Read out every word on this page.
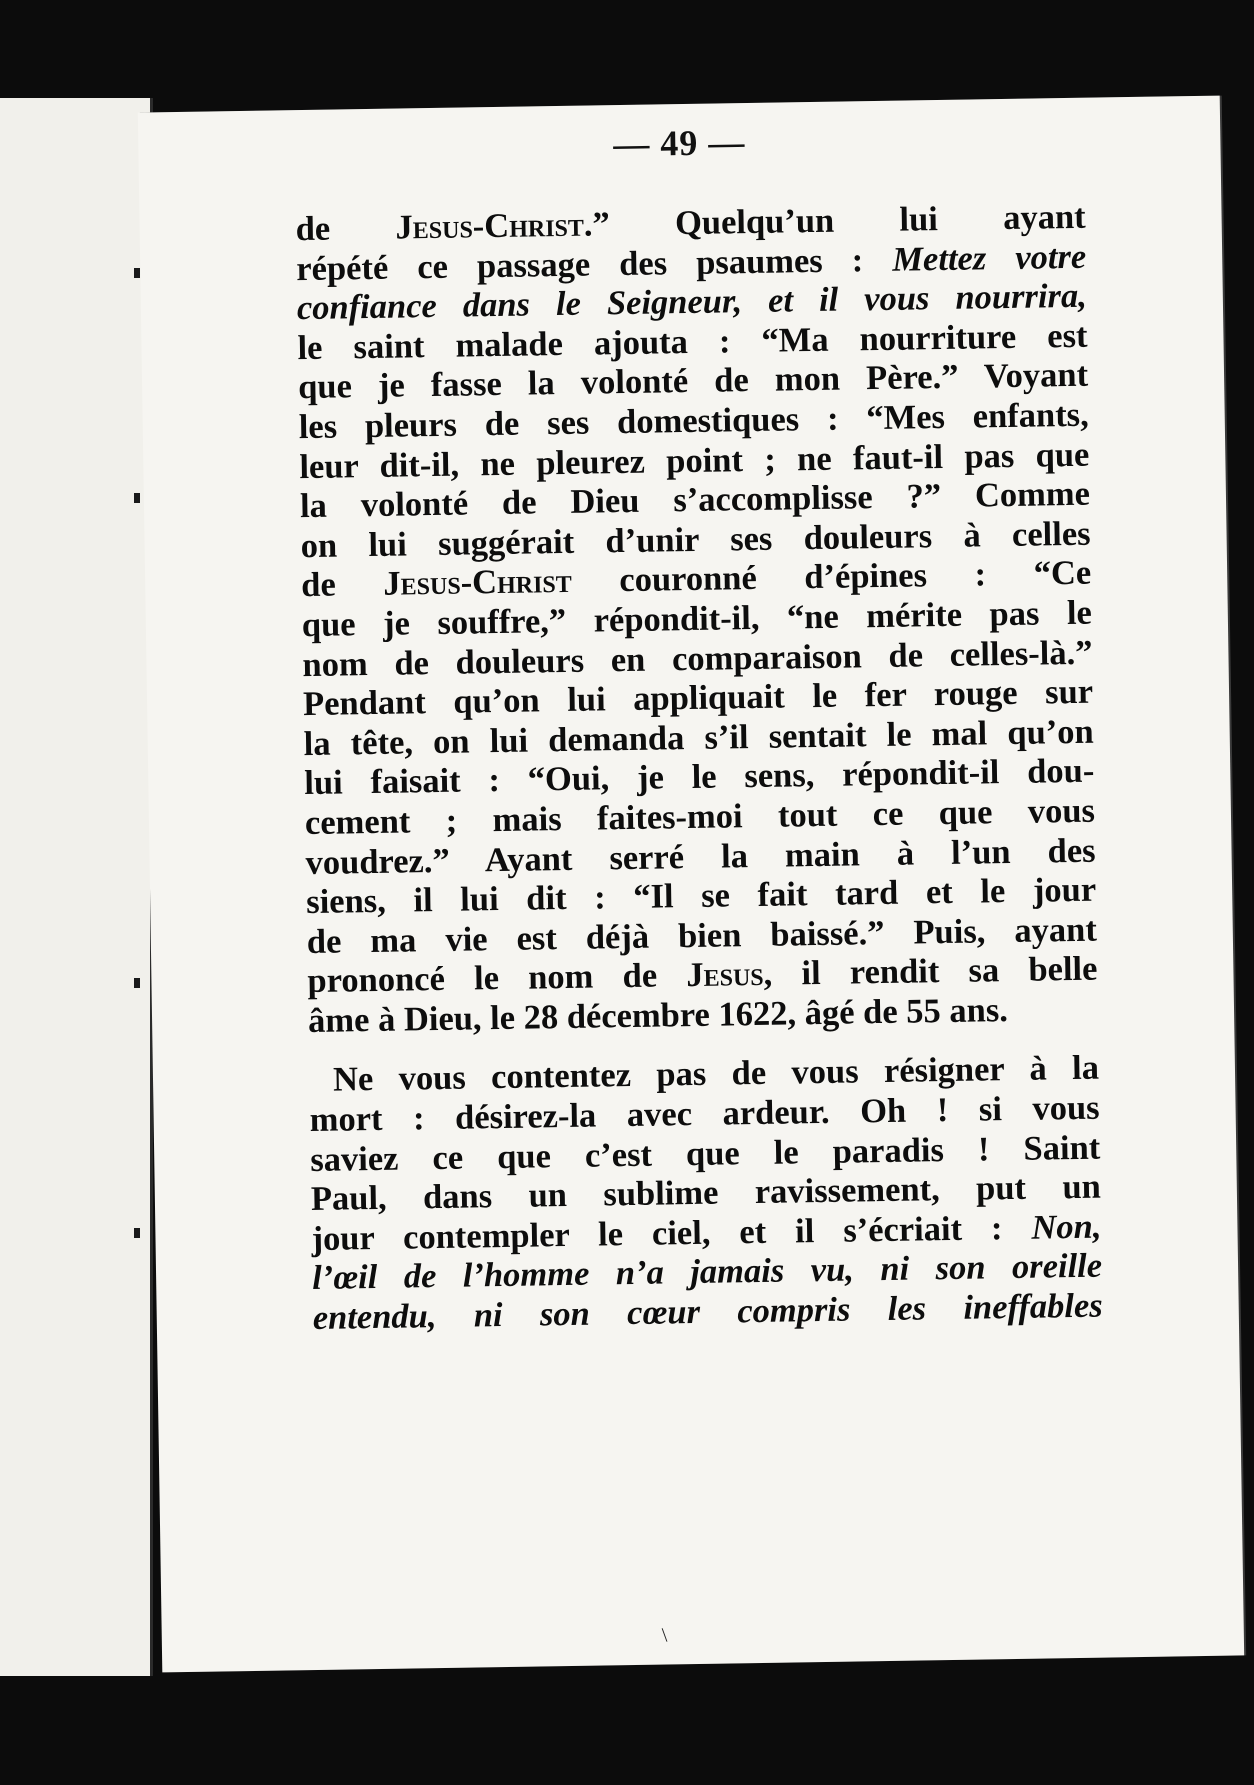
— 49 —
de Jesus-Christ.” Quelqu’un lui ayant
répété ce passage des psaumes : Mettez votre
confiance dans le Seigneur, et il vous nourrira,
le saint malade ajouta : “Ma nourriture est
que je fasse la volonté de mon Père.” Voyant
les pleurs de ses domestiques : “Mes enfants,
leur dit-il, ne pleurez point ; ne faut-il pas que
la volonté de Dieu s’accomplisse ?” Comme
on lui suggérait d’unir ses douleurs à celles
de Jesus-Christ couronné d’épines : “Ce
que je souffre,” répondit-il, “ne mérite pas le
nom de douleurs en comparaison de celles-là.”
Pendant qu’on lui appliquait le fer rouge sur
la tête, on lui demanda s’il sentait le mal qu’on
lui faisait : “Oui, je le sens, répondit-il dou-
cement ; mais faites-moi tout ce que vous
voudrez.” Ayant serré la main à l’un des
siens, il lui dit : “Il se fait tard et le jour
de ma vie est déjà bien baissé.” Puis, ayant
prononcé le nom de Jesus, il rendit sa belle
âme à Dieu, le 28 décembre 1622, âgé de 55 ans.
Ne vous contentez pas de vous résigner à la
mort : désirez-la avec ardeur. Oh ! si vous
saviez ce que c’est que le paradis ! Saint
Paul, dans un sublime ravissement, put un
jour contempler le ciel, et il s’écriait : Non,
l’œil de l’homme n’a jamais vu, ni son oreille
entendu, ni son cœur compris les ineffables
\
